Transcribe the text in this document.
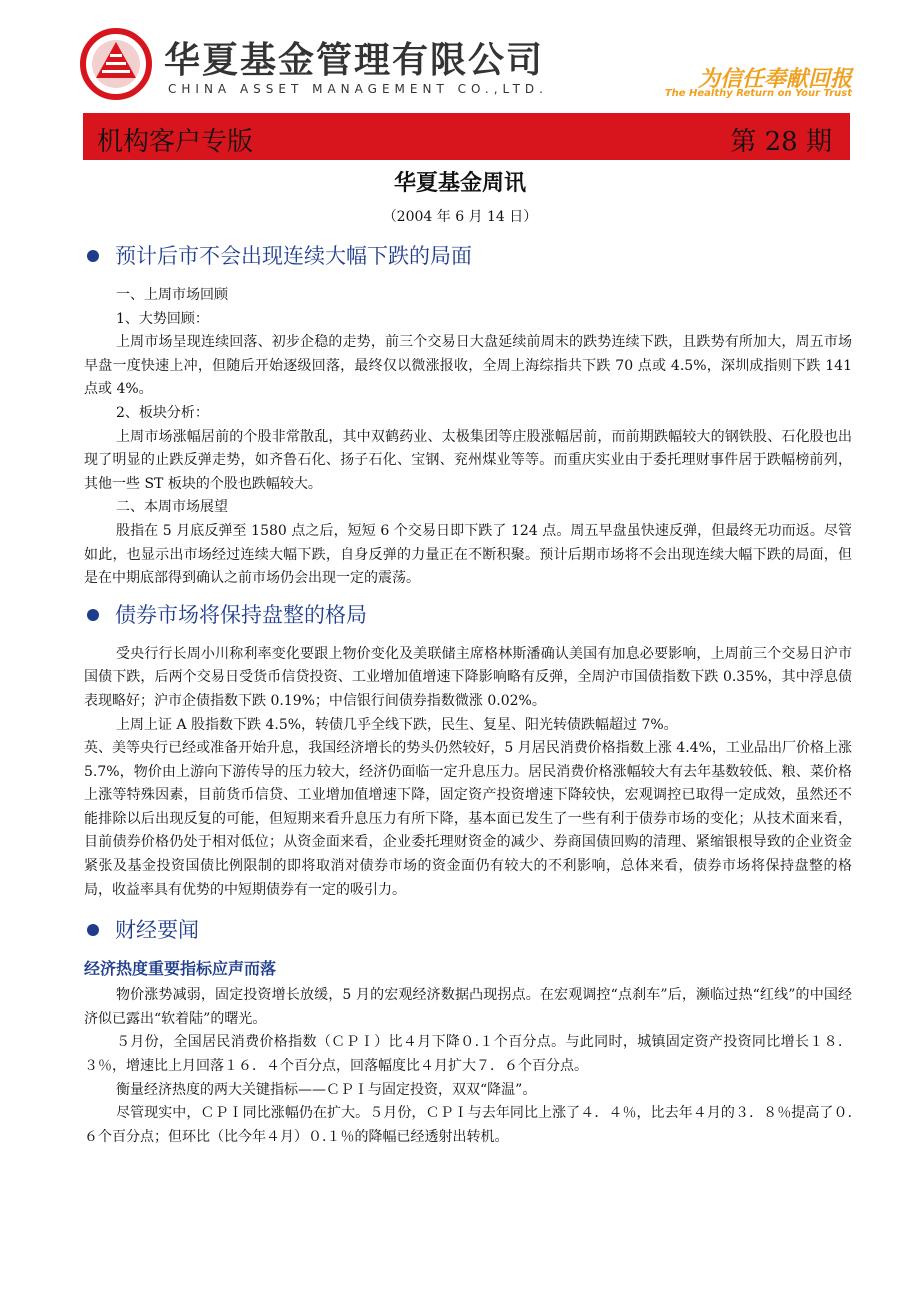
华夏基金管理有限公司
CHINA ASSET MANAGEMENT CO.,LTD.	为信任奉献回报
The Healthy Return on Your Trust
机构客户专版	第 28 期
华夏基金周讯
（2004 年 6 月 14 日）
预计后市不会出现连续大幅下跌的局面

一、上周市场回顾

1、大势回顾：

上周市场呈现连续回落、初步企稳的走势，前三个交易日大盘延续前周末的跌势连续下跌，且跌势有所加大，周五市场早盘一度快速上冲，但随后开始逐级回落，最终仅以微涨报收，全周上海综指共下跌 70 点或 4.5%，深圳成指则下跌 141 点或 4%。

2、板块分析：

上周市场涨幅居前的个股非常散乱，其中双鹤药业、太极集团等庄股涨幅居前，而前期跌幅较大的钢铁股、石化股也出现了明显的止跌反弹走势，如齐鲁石化、扬子石化、宝钢、兖州煤业等等。而重庆实业由于委托理财事件居于跌幅榜前列，其他一些 ST 板块的个股也跌幅较大。

二、本周市场展望

股指在 5 月底反弹至 1580 点之后，短短 6 个交易日即下跌了 124 点。周五早盘虽快速反弹，但最终无功而返。尽管如此，也显示出市场经过连续大幅下跌，自身反弹的力量正在不断积聚。预计后期市场将不会出现连续大幅下跌的局面，但是在中期底部得到确认之前市场仍会出现一定的震荡。

债券市场将保持盘整的格局

受央行行长周小川称利率变化要跟上物价变化及美联储主席格林斯潘确认美国有加息必要影响，上周前三个交易日沪市国债下跌，后两个交易日受货币信贷投资、工业增加值增速下降影响略有反弹，全周沪市国债指数下跌 0.35%，其中浮息债表现略好；沪市企债指数下跌 0.19%；中信银行间债券指数微涨 0.02%。

上周上证 A 股指数下跌 4.5%，转债几乎全线下跌，民生、复星、阳光转债跌幅超过 7%。

英、美等央行已经或准备开始升息，我国经济增长的势头仍然较好，5 月居民消费价格指数上涨 4.4%，工业品出厂价格上涨 5.7%，物价由上游向下游传导的压力较大，经济仍面临一定升息压力。居民消费价格涨幅较大有去年基数较低、粮、菜价格上涨等特殊因素，目前货币信贷、工业增加值增速下降，固定资产投资增速下降较快，宏观调控已取得一定成效，虽然还不能排除以后出现反复的可能，但短期来看升息压力有所下降，基本面已发生了一些有利于债券市场的变化；从技术面来看，目前债券价格仍处于相对低位；从资金面来看，企业委托理财资金的减少、券商国债回购的清理、紧缩银根导致的企业资金紧张及基金投资国债比例限制的即将取消对债券市场的资金面仍有较大的不利影响，总体来看，债券市场将保持盘整的格局，收益率具有优势的中短期债券有一定的吸引力。

财经要闻
经济热度重要指标应声而落

物价涨势减弱，固定投资增长放缓，5 月的宏观经济数据凸现拐点。在宏观调控“点刹车”后，濒临过热“红线”的中国经济似已露出“软着陆”的曙光。

５月份，全国居民消费价格指数（ＣＰＩ）比４月下降０.１个百分点。与此同时，城镇固定资产投资同比增长１８．３％，增速比上月回落１６．４个百分点，回落幅度比４月扩大７．６个百分点。

衡量经济热度的两大关键指标——ＣＰＩ与固定投资，双双“降温”。

尽管现实中，ＣＰＩ同比涨幅仍在扩大。５月份，ＣＰＩ与去年同比上涨了４．４％，比去年４月的３．８％提高了０.６个百分点；但环比（比今年４月）０.１％的降幅已经透射出转机。
